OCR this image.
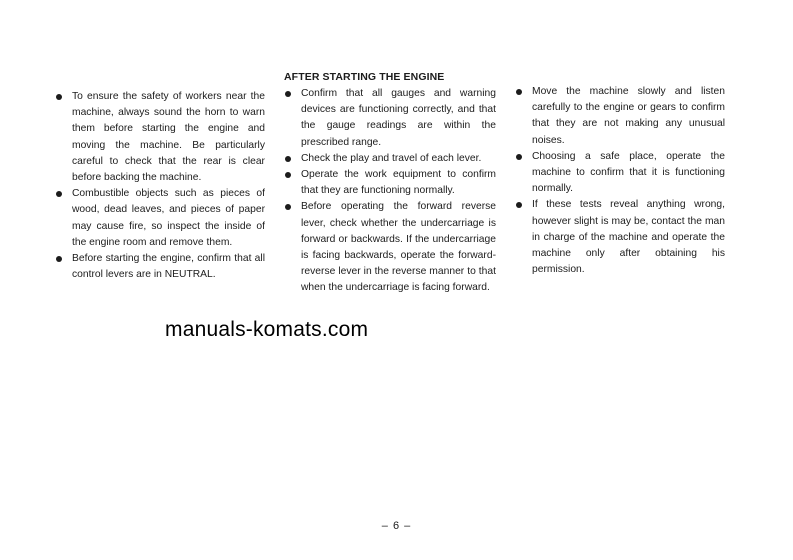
To ensure the safety of workers near the machine, always sound the horn to warn them before starting the engine and moving the machine. Be particularly careful to check that the rear is clear before backing the machine.
Combustible objects such as pieces of wood, dead leaves, and pieces of paper may cause fire, so inspect the inside of the engine room and remove them.
Before starting the engine, confirm that all control levers are in NEUTRAL.
AFTER STARTING THE ENGINE
Confirm that all gauges and warning devices are functioning correctly, and that the gauge readings are within the prescribed range.
Check the play and travel of each lever.
Operate the work equipment to confirm that they are functioning normally.
Before operating the forward reverse lever, check whether the undercarriage is forward or backwards. If the undercarriage is facing backwards, operate the forward-reverse lever in the reverse manner to that when the undercarriage is facing forward.
Move the machine slowly and listen carefully to the engine or gears to confirm that they are not making any unusual noises.
Choosing a safe place, operate the machine to confirm that it is functioning normally.
If these tests reveal anything wrong, however slight is may be, contact the man in charge of the machine and operate the machine only after obtaining his permission.
manuals-komats.com
– 6 –
